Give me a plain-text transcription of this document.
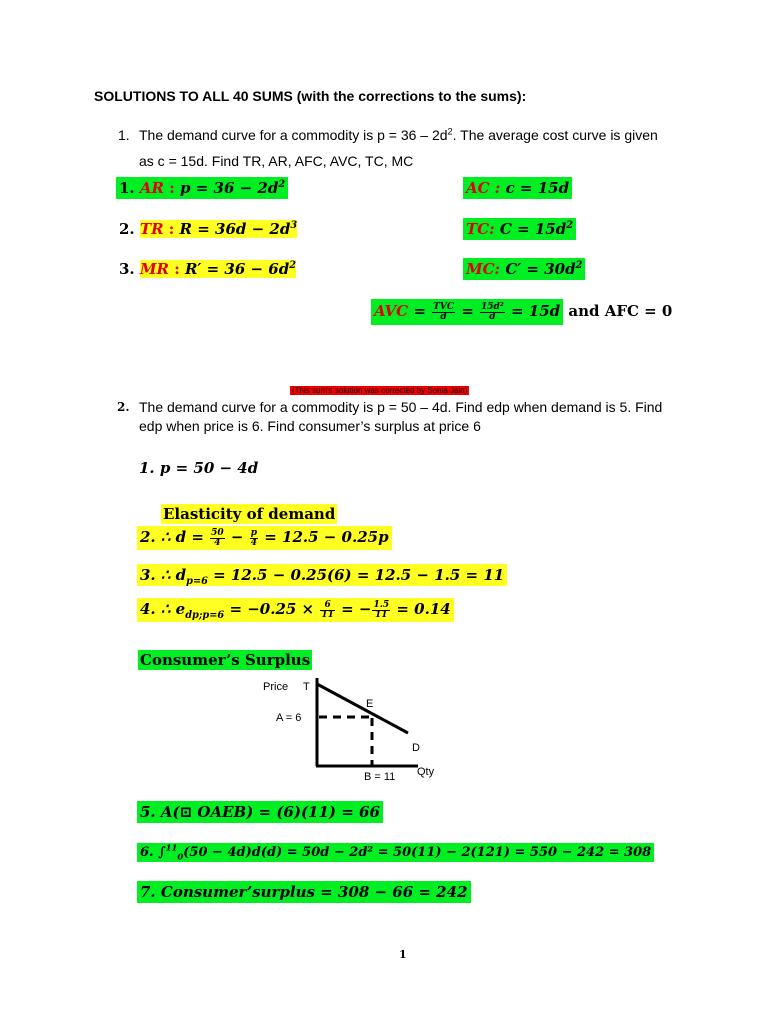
SOLUTIONS TO ALL 40 SUMS (with the corrections to the sums):
1. The demand curve for a commodity is $p = 36 - 2d^2$. The average cost curve is given
as c = 15d. Find TR, AR, AFC, AVC, TC, MC
1. AR : $p = 36 - 2d^2$
2. TR : $R = 36d - 2d^3$
3. MR : $R' = 36 - 6d^2$
AC : c = 15d
TC: $C = 15d^2$
MC: $C' = 30d^2$
AVC = $\frac{\text{TVC}}{d} = \frac{\text{15d²}}{d} = 15d$ and AFC = 0
(This sum's solution was corrected by Sonia Jain)
2. The demand curve for a commodity is p = 50 – 4d. Find edp when demand is 5. Find
edp when price is 6. Find consumer’s surplus at price 6
1. p = 50 − 4d
Elasticity of demand
2. ∴ $d = \frac{50}{4} - \frac{p}{4} = 12.5 - 0.25p$
3. ∴ $d_{p=6} = 12.5 - 0.25(6) = 12.5 - 1.5 = 11$
4. ∴ $e_{dp;p=6} = -0.25 \times \frac{6}{11}$ = − $\frac{1.5}{11} = 0.14$
Consumer’s Surplus
Price T
E
A = 6
D
B = 11 Qty
5. A(⊡ OAEB) = (6)(11) = 66
6. ∫$^{11}_0$(50 − 4d)d(d) = 50d − 2d² = 50(11) − 2(121) = 550 − 242 = 308
7. Consumer’surplus = 308 − 66 = 242
1
